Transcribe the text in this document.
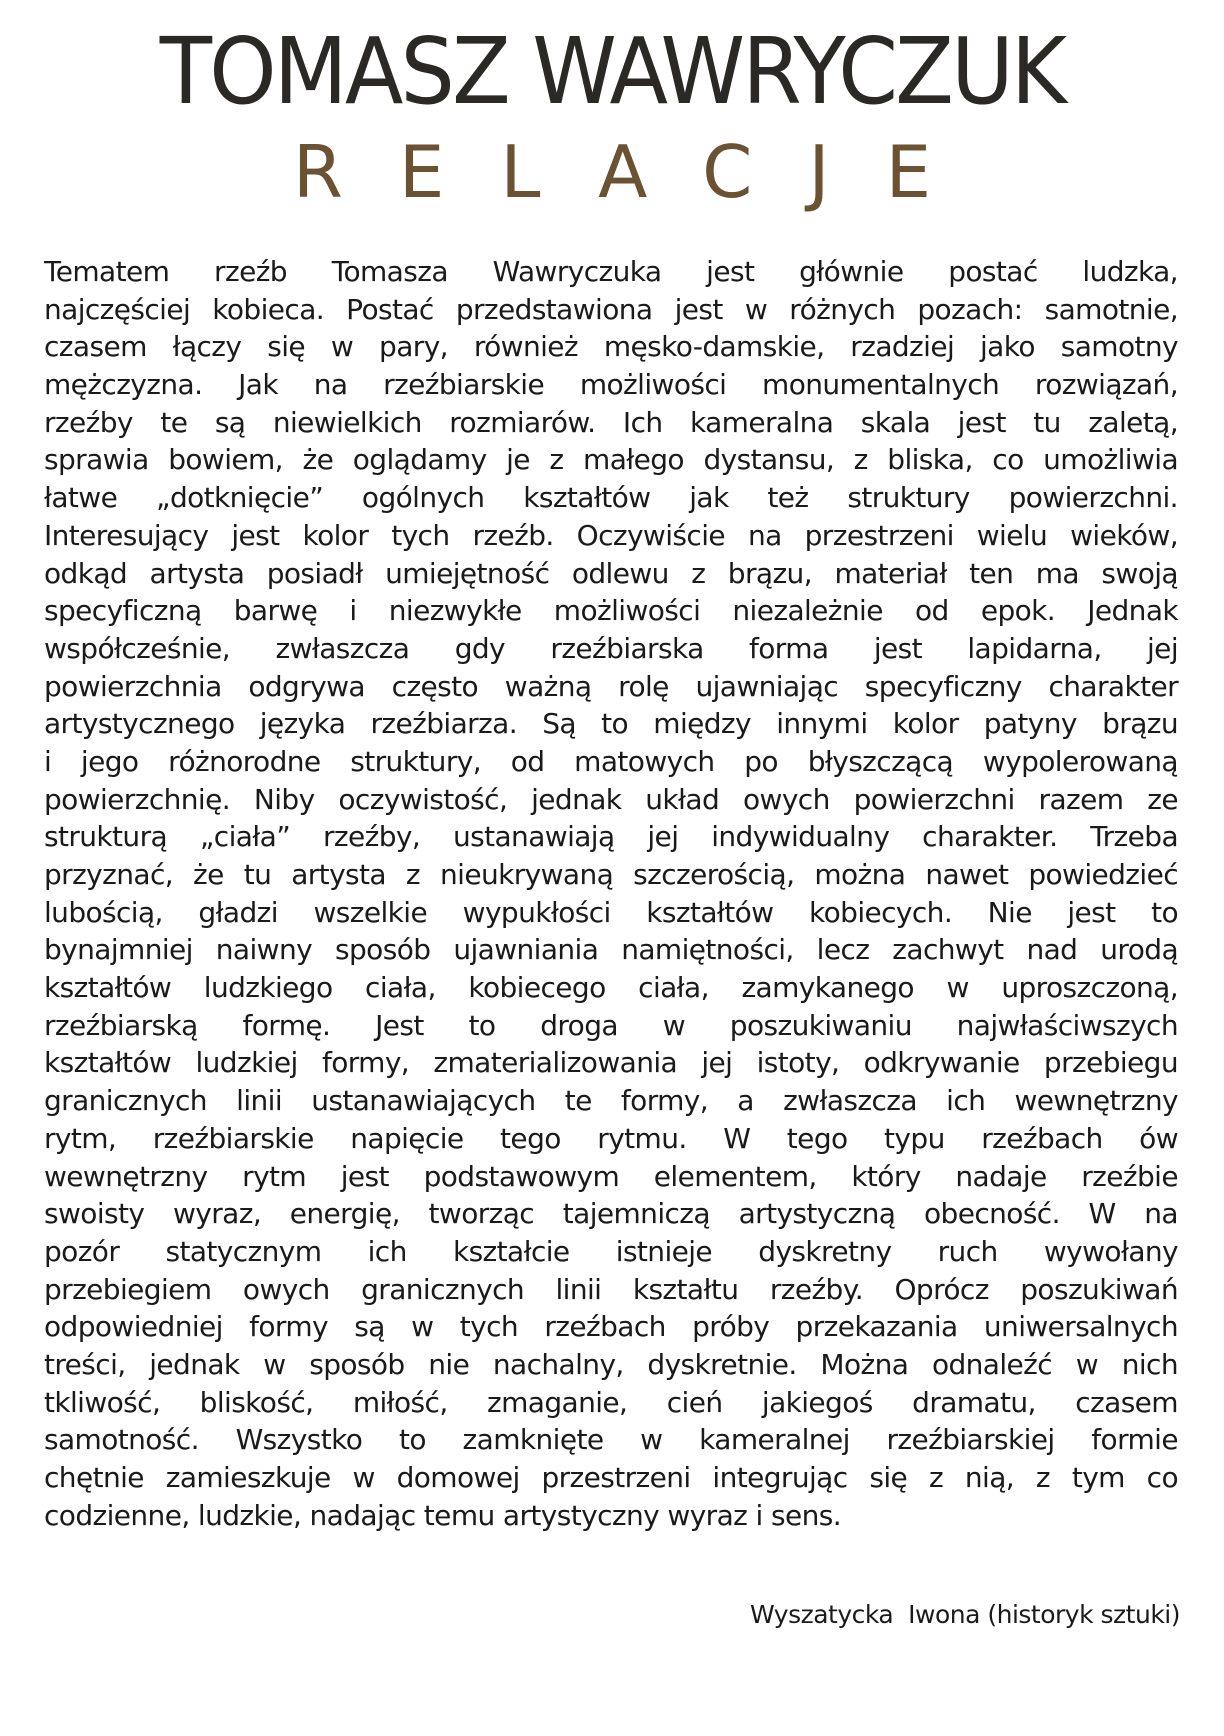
TOMASZ WAWRYCZUK
RELACJE
Tematem rzeźb Tomasza Wawryczuka jest głównie postać ludzka,
najczęściej kobieca. Postać przedstawiona jest w różnych pozach: samotnie,
czasem łączy się w pary, również męsko-damskie, rzadziej jako samotny
mężczyzna. Jak na rzeźbiarskie możliwości monumentalnych rozwiązań,
rzeźby te są niewielkich rozmiarów. Ich kameralna skala jest tu zaletą,
sprawia bowiem, że oglądamy je z małego dystansu, z bliska, co umożliwia
łatwe „dotknięcie” ogólnych kształtów jak też struktury powierzchni.
Interesujący jest kolor tych rzeźb. Oczywiście na przestrzeni wielu wieków,
odkąd artysta posiadł umiejętność odlewu z brązu, materiał ten ma swoją
specyficzną barwę i niezwykłe możliwości niezależnie od epok. Jednak
współcześnie, zwłaszcza gdy rzeźbiarska forma jest lapidarna, jej
powierzchnia odgrywa często ważną rolę ujawniając specyficzny charakter
artystycznego języka rzeźbiarza. Są to między innymi kolor patyny brązu
i jego różnorodne struktury, od matowych po błyszczącą wypolerowaną
powierzchnię. Niby oczywistość, jednak układ owych powierzchni razem ze
strukturą „ciała” rzeźby, ustanawiają jej indywidualny charakter. Trzeba
przyznać, że tu artysta z nieukrywaną szczerością, można nawet powiedzieć
lubością, gładzi wszelkie wypukłości kształtów kobiecych. Nie jest to
bynajmniej naiwny sposób ujawniania namiętności, lecz zachwyt nad urodą
kształtów ludzkiego ciała, kobiecego ciała, zamykanego w uproszczoną,
rzeźbiarską formę. Jest to droga w poszukiwaniu najwłaściwszych
kształtów ludzkiej formy, zmaterializowania jej istoty, odkrywanie przebiegu
granicznych linii ustanawiających te formy, a zwłaszcza ich wewnętrzny
rytm, rzeźbiarskie napięcie tego rytmu. W tego typu rzeźbach ów
wewnętrzny rytm jest podstawowym elementem, który nadaje rzeźbie
swoisty wyraz, energię, tworząc tajemniczą artystyczną obecność. W na
pozór statycznym ich kształcie istnieje dyskretny ruch wywołany
przebiegiem owych granicznych linii kształtu rzeźby. Oprócz poszukiwań
odpowiedniej formy są w tych rzeźbach próby przekazania uniwersalnych
treści, jednak w sposób nie nachalny, dyskretnie. Można odnaleźć w nich
tkliwość, bliskość, miłość, zmaganie, cień jakiegoś dramatu, czasem
samotność. Wszystko to zamknięte w kameralnej rzeźbiarskiej formie
chętnie zamieszkuje w domowej przestrzeni integrując się z nią, z tym co
codzienne, ludzkie, nadając temu artystyczny wyraz i sens.
Wyszatycka  Iwona (historyk sztuki)
